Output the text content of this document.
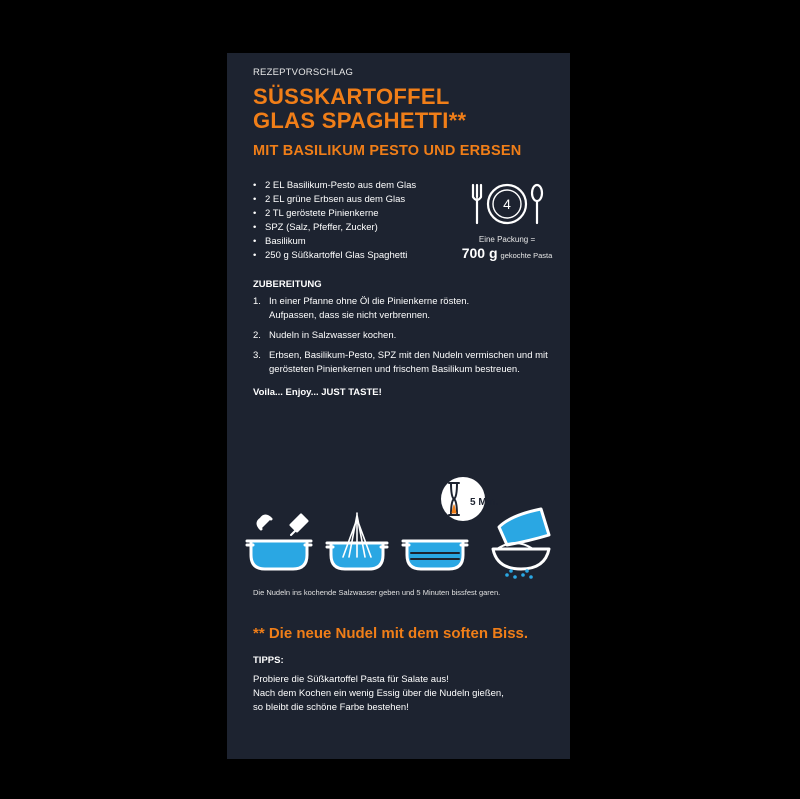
REZEPTVORSCHLAG
SÜSSKARTOFFEL
GLAS SPAGHETTI**
MIT BASILIKUM PESTO UND ERBSEN
• 2 EL Basilikum-Pesto aus dem Glas
• 2 EL grüne Erbsen aus dem Glas
• 2 TL geröstete Pinienkerne
• SPZ (Salz, Pfeffer, Zucker)
• Basilikum
• 250 g Süßkartoffel Glas Spaghetti
4
Eine Packung =
700 g gekochte Pasta
ZUBEREITUNG
1. In einer Pfanne ohne Öl die Pinienkerne rösten.
Aufpassen, dass sie nicht verbrennen.
2. Nudeln in Salzwasser kochen.
3. Erbsen, Basilikum-Pesto, SPZ mit den Nudeln vermischen und mit
gerösteten Pinienkernen und frischem Basilikum bestreuen.
Voila... Enjoy... JUST TASTE!
5 Min.
Die Nudeln ins kochende Salzwasser geben und 5 Minuten bissfest garen.
** Die neue Nudel mit dem soften Biss.
TIPPS:
Probiere die Süßkartoffel Pasta für Salate aus!
Nach dem Kochen ein wenig Essig über die Nudeln gießen,
so bleibt die schöne Farbe bestehen!
